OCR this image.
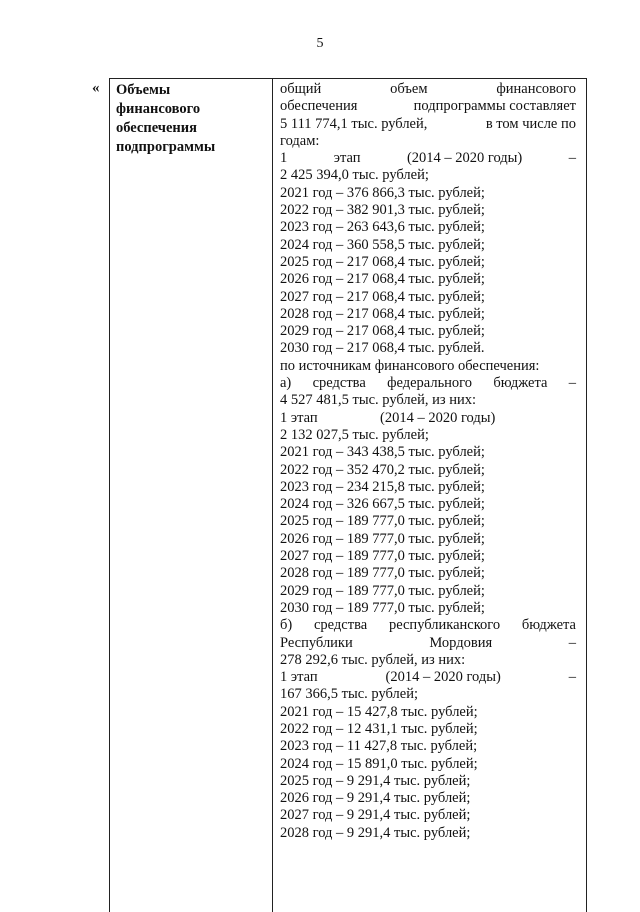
5
« Объемы
финансового
обеспечения
подпрограммы
общий	объем	финансового
обеспечения	подпрограммы составляет
5 111 774,1 тыс. рублей,	в том числе по
годам:
1	этап	(2014 – 2020 годы)	–
2 425 394,0 тыс. рублей;
2021 год – 376 866,3 тыс. рублей;
2022 год – 382 901,3 тыс. рублей;
2023 год – 263 643,6 тыс. рублей;
2024 год – 360 558,5 тыс. рублей;
2025 год – 217 068,4 тыс. рублей;
2026 год – 217 068,4 тыс. рублей;
2027 год – 217 068,4 тыс. рублей;
2028 год – 217 068,4 тыс. рублей;
2029 год – 217 068,4 тыс. рублей;
2030 год – 217 068,4 тыс. рублей.
по источникам финансового обеспечения:
а) средства федерального бюджета –
4 527 481,5 тыс. рублей, из них:
1 этап	(2014 – 2020 годы)
2 132 027,5 тыс. рублей;
2021 год – 343 438,5 тыс. рублей;
2022 год – 352 470,2 тыс. рублей;
2023 год – 234 215,8 тыс. рублей;
2024 год – 326 667,5 тыс. рублей;
2025 год – 189 777,0 тыс. рублей;
2026 год – 189 777,0 тыс. рублей;
2027 год – 189 777,0 тыс. рублей;
2028 год – 189 777,0 тыс. рублей;
2029 год – 189 777,0 тыс. рублей;
2030 год – 189 777,0 тыс. рублей;
б) средства республиканского бюджета
Республики	Мордовия	–
278 292,6 тыс. рублей, из них:
1 этап	(2014 – 2020 годы)	–
167 366,5 тыс. рублей;
2021 год – 15 427,8 тыс. рублей;
2022 год – 12 431,1 тыс. рублей;
2023 год – 11 427,8 тыс. рублей;
2024 год – 15 891,0 тыс. рублей;
2025 год – 9 291,4 тыс. рублей;
2026 год – 9 291,4 тыс. рублей;
2027 год – 9 291,4 тыс. рублей;
2028 год – 9 291,4 тыс. рублей;
